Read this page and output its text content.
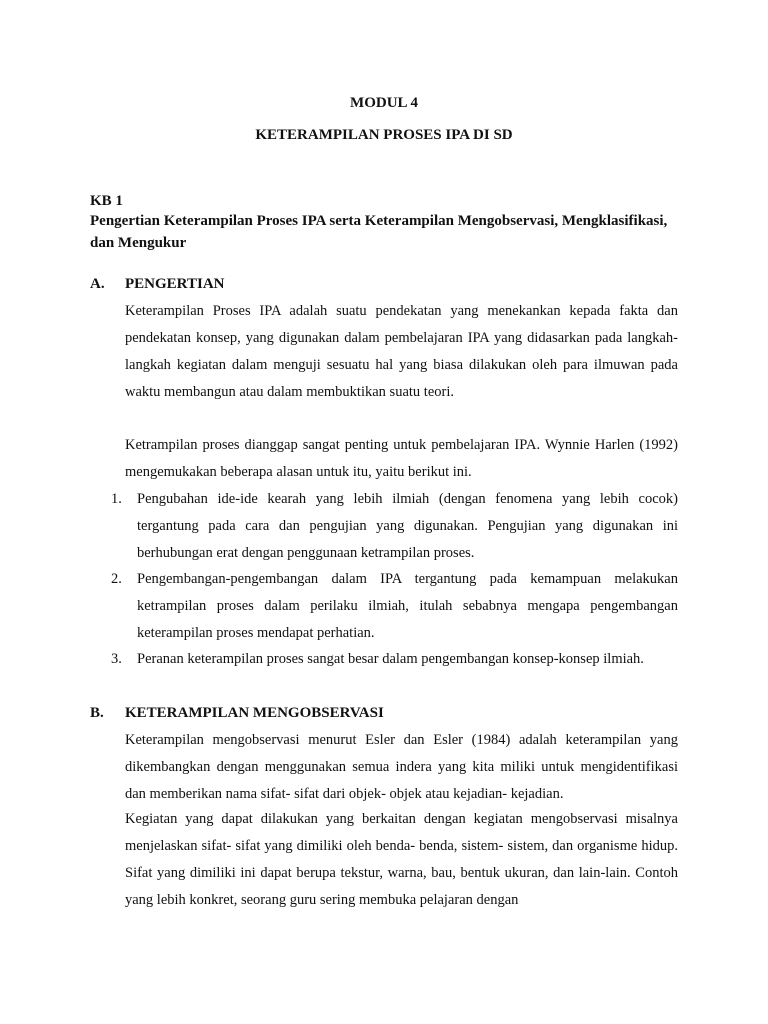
MODUL 4
KETERAMPILAN PROSES IPA DI SD
KB 1
Pengertian Keterampilan Proses IPA serta Keterampilan Mengobservasi, Mengklasifikasi,
dan Mengukur
A. PENGERTIAN
Keterampilan Proses IPA adalah suatu pendekatan yang menekankan kepada fakta dan pendekatan konsep, yang digunakan dalam pembelajaran IPA yang didasarkan pada langkah-langkah kegiatan dalam menguji sesuatu hal yang biasa dilakukan oleh para ilmuwan pada waktu membangun atau dalam membuktikan suatu teori.
Ketrampilan proses dianggap sangat penting untuk pembelajaran IPA. Wynnie Harlen (1992) mengemukakan beberapa alasan untuk itu, yaitu berikut ini.
1. Pengubahan ide-ide kearah yang lebih ilmiah (dengan fenomena yang lebih cocok) tergantung pada cara dan pengujian yang digunakan. Pengujian yang digunakan ini berhubungan erat dengan penggunaan ketrampilan proses.
2. Pengembangan-pengembangan dalam IPA tergantung pada kemampuan melakukan ketrampilan proses dalam perilaku ilmiah, itulah sebabnya mengapa pengembangan keterampilan proses mendapat perhatian.
3. Peranan keterampilan proses sangat besar dalam pengembangan konsep-konsep ilmiah.
B. KETERAMPILAN MENGOBSERVASI
Keterampilan mengobservasi menurut Esler dan Esler (1984) adalah keterampilan yang dikembangkan dengan menggunakan semua indera yang kita miliki untuk mengidentifikasi dan memberikan nama sifat- sifat dari objek- objek atau kejadian- kejadian.
Kegiatan yang dapat dilakukan yang berkaitan dengan kegiatan mengobservasi misalnya menjelaskan sifat- sifat yang dimiliki oleh benda- benda, sistem- sistem, dan organisme hidup. Sifat yang dimiliki ini dapat berupa tekstur, warna, bau, bentuk ukuran, dan lain-lain. Contoh yang lebih konkret, seorang guru sering membuka pelajaran dengan
